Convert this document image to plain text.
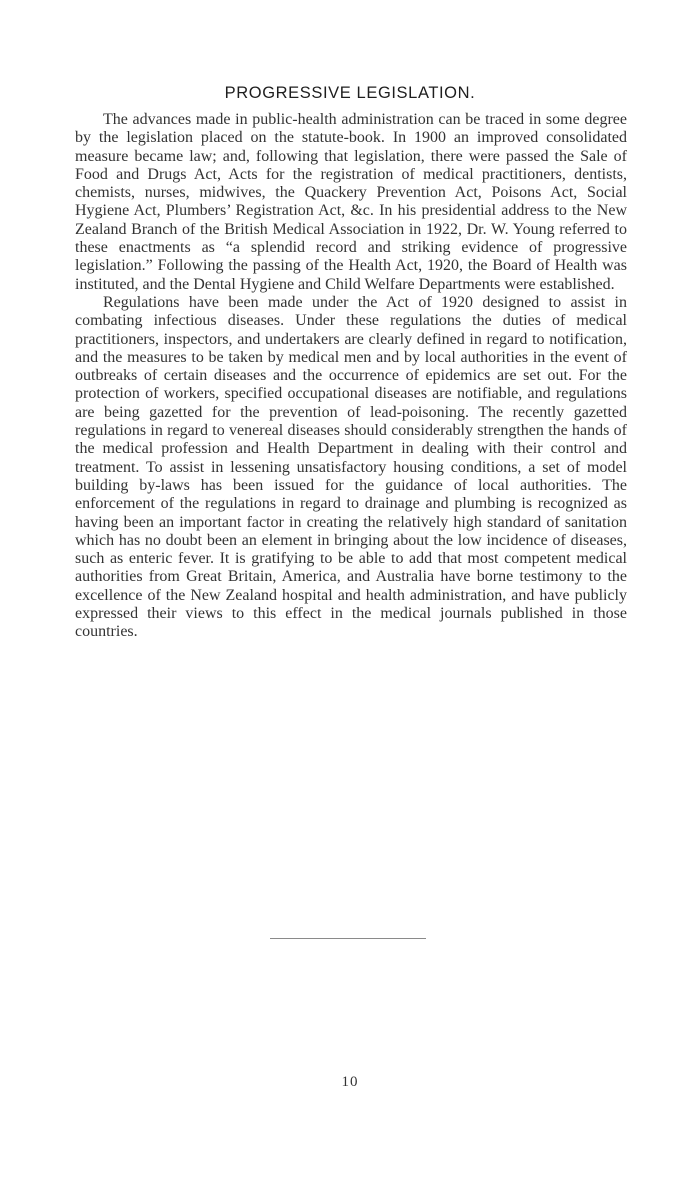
PROGRESSIVE LEGISLATION.

The advances made in public-health administration can be traced in some degree by the legislation placed on the statute-book. In 1900 an improved consolidated measure became law; and, following that legislation, there were passed the Sale of Food and Drugs Act, Acts for the registration of medical practitioners, dentists, chemists, nurses, midwives, the Quackery Prevention Act, Poisons Act, Social Hygiene Act, Plumbers’ Registration Act, &c. In his presidential address to the New Zealand Branch of the British Medical Association in 1922, Dr. W. Young referred to these enactments as “a splendid record and striking evidence of progressive legislation.” Following the passing of the Health Act, 1920, the Board of Health was instituted, and the Dental Hygiene and Child Welfare Departments were established.

Regulations have been made under the Act of 1920 designed to assist in combating infectious diseases. Under these regulations the duties of medical practitioners, inspectors, and undertakers are clearly defined in regard to notification, and the measures to be taken by medical men and by local authorities in the event of outbreaks of certain diseases and the occurrence of epidemics are set out. For the protection of workers, specified occupational diseases are notifiable, and regulations are being gazetted for the prevention of lead-poisoning. The recently gazetted regulations in regard to venereal diseases should considerably strengthen the hands of the medical profession and Health Department in dealing with their control and treatment. To assist in lessening unsatisfactory housing conditions, a set of model building by-laws has been issued for the guidance of local authorities. The enforcement of the regulations in regard to drainage and plumbing is recognized as having been an important factor in creating the relatively high standard of sanitation which has no doubt been an element in bringing about the low incidence of diseases, such as enteric fever. It is gratifying to be able to add that most competent medical authorities from Great Britain, America, and Australia have borne testimony to the excellence of the New Zealand hospital and health administration, and have publicly expressed their views to this effect in the medical journals published in those countries.

10
